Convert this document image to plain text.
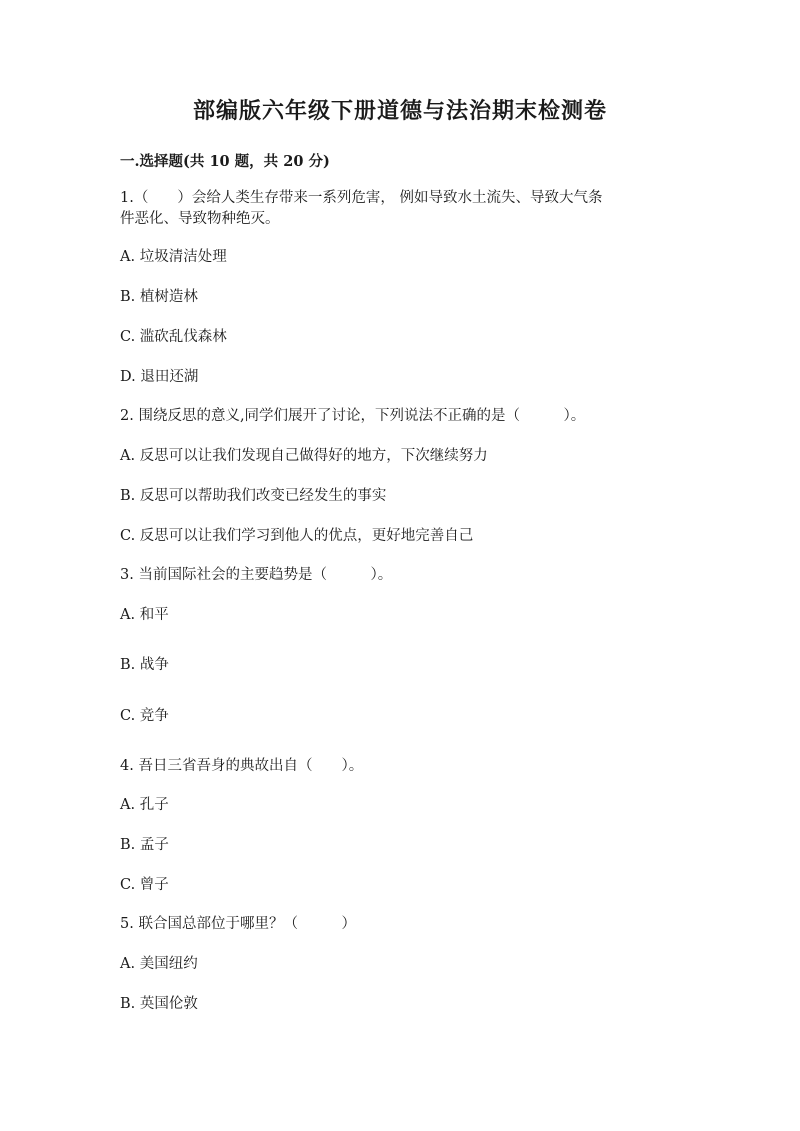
部编版六年级下册道德与法治期末检测卷
一.选择题(共 10 题，共 20 分)
1.（　　）会给人类生存带来一系列危害， 例如导致水土流失、导致大气条
件恶化、导致物种绝灭。
A. 垃圾清洁处理
B. 植树造林
C. 滥砍乱伐森林
D. 退田还湖
2. 围绕反思的意义,同学们展开了讨论，下列说法不正确的是（　　　）。
A. 反思可以让我们发现自己做得好的地方，下次继续努力
B. 反思可以帮助我们改变已经发生的事实
C. 反思可以让我们学习到他人的优点，更好地完善自己
3. 当前国际社会的主要趋势是（　　　）。
A. 和平
B. 战争
C. 竞争
4. 吾日三省吾身的典故出自（　　）。
A. 孔子
B. 孟子
C. 曾子
5. 联合国总部位于哪里？（　　　）
A. 美国纽约
B. 英国伦敦
